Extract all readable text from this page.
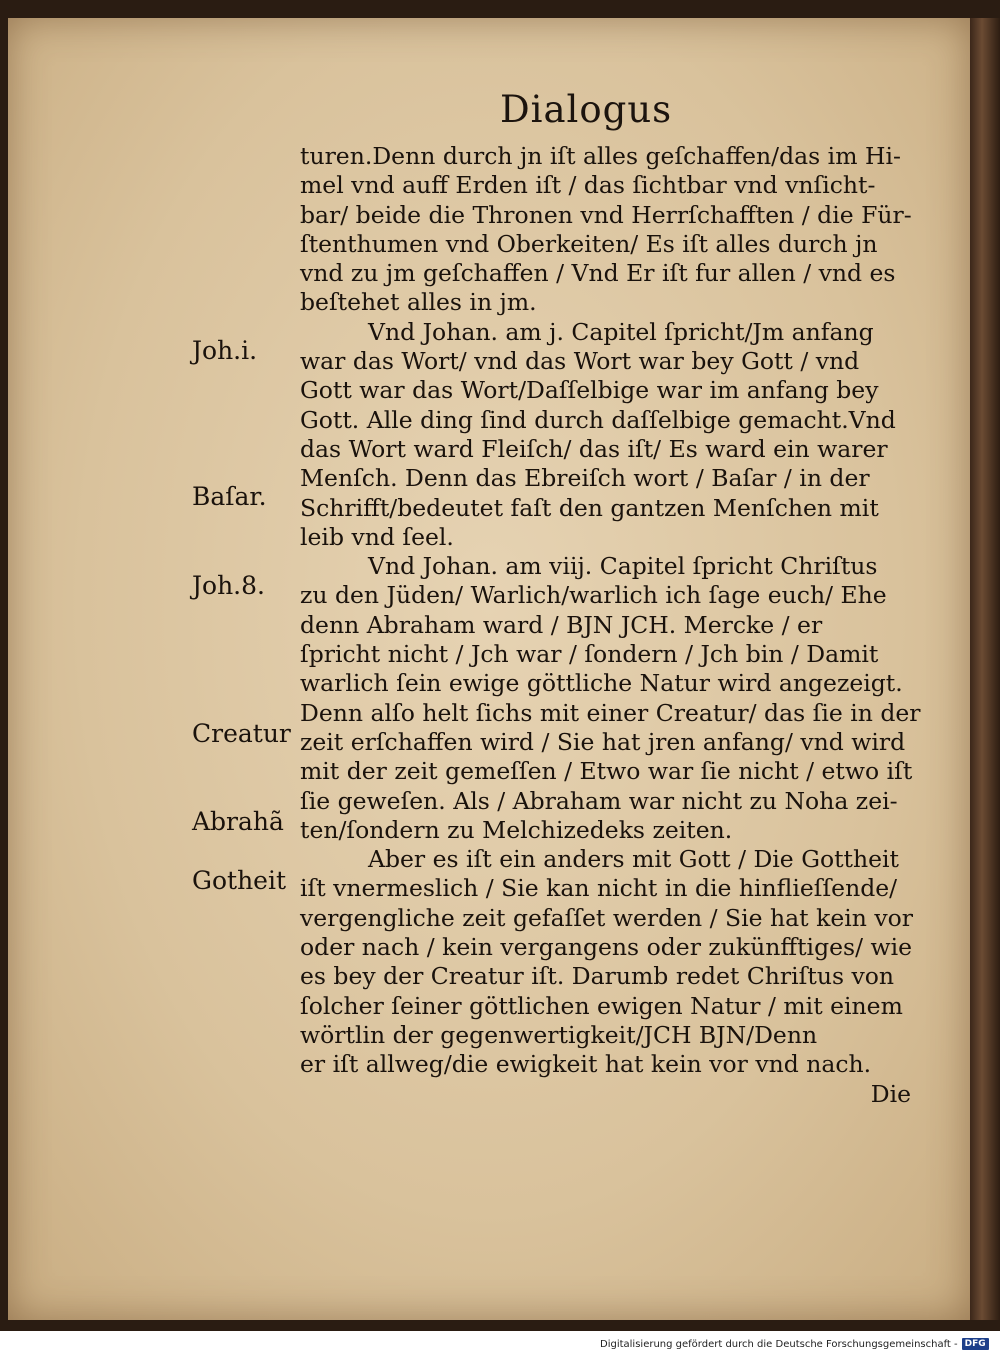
Dialogus
turen.Denn durch jn iſt alles geſchaffen/das im Hi-
mel vnd auff Erden iſt / das ſichtbar vnd vnſicht-
bar/ beide die Thronen vnd Herrſchafften / die Für-
ſtenthumen vnd Oberkeiten/ Es iſt alles durch jn
vnd zu jm geſchaffen / Vnd Er iſt fur allen / vnd es
beſtehet alles in jm.
Vnd Johan. am j. Capitel ſpricht/Jm anfang
war das Wort/ vnd das Wort war bey Gott / vnd
Gott war das Wort/Daſſelbige war im anfang bey
Gott. Alle ding ſind durch daſſelbige gemacht.Vnd
das Wort ward Fleiſch/ das iſt/ Es ward ein warer
Menſch. Denn das Ebreiſch wort / Baſar / in der
Schrifft/bedeutet faſt den gantzen Menſchen mit
leib vnd ſeel.
Vnd Johan. am viij. Capitel ſpricht Chriſtus
zu den Jüden/ Warlich/warlich ich ſage euch/ Ehe
denn Abraham ward / BJN JCH. Mercke / er
ſpricht nicht / Jch war / ſondern / Jch bin / Damit
warlich ſein ewige göttliche Natur wird angezeigt.
Denn alſo helt ſichs mit einer Creatur/ das ſie in der
zeit erſchaffen wird / Sie hat jren anfang/ vnd wird
mit der zeit gemeſſen / Etwo war ſie nicht / etwo iſt
ſie geweſen. Als / Abraham war nicht zu Noha zei-
ten/ſondern zu Melchizedeks zeiten.
Aber es iſt ein anders mit Gott / Die Gottheit
iſt vnermeslich / Sie kan nicht in die hinflieſſende/
vergengliche zeit gefaſſet werden / Sie hat kein vor
oder nach / kein vergangens oder zukünfftiges/ wie
es bey der Creatur iſt. Darumb redet Chriſtus von
ſolcher ſeiner göttlichen ewigen Natur / mit einem
wörtlin der gegenwertigkeit/JCH BJN/Denn
er iſt allweg/die ewigkeit hat kein vor vnd nach.
Die
Joh.i.
Baſar.
Joh.8.
Creatur
Abrahã
Gotheit
Digitalisierung gefördert durch die Deutsche Forschungsgemeinschaft - DFG
